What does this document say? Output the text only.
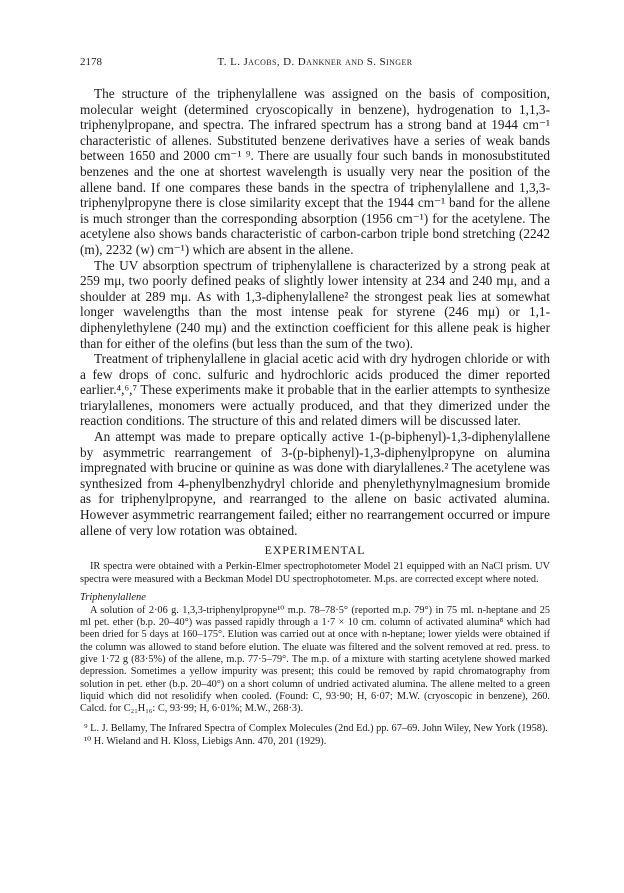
2178	T. L. Jacobs, D. Dankner and S. Singer

The structure of the triphenylallene was assigned on the basis of composition, molecular weight (determined cryoscopically in benzene), hydrogenation to 1,1,3-triphenylpropane, and spectra. The infrared spectrum has a strong band at 1944 cm⁻¹ characteristic of allenes. Substituted benzene derivatives have a series of weak bands between 1650 and 2000 cm⁻¹ ⁹. There are usually four such bands in monosubstituted benzenes and the one at shortest wavelength is usually very near the position of the allene band. If one compares these bands in the spectra of triphenylallene and 1,3,3-triphenylpropyne there is close similarity except that the 1944 cm⁻¹ band for the allene is much stronger than the corresponding absorption (1956 cm⁻¹) for the acetylene. The acetylene also shows bands characteristic of carbon-carbon triple bond stretching (2242 (m), 2232 (w) cm⁻¹) which are absent in the allene.

The UV absorption spectrum of triphenylallene is characterized by a strong peak at 259 mμ, two poorly defined peaks of slightly lower intensity at 234 and 240 mμ, and a shoulder at 289 mμ. As with 1,3-diphenylallene² the strongest peak lies at somewhat longer wavelengths than the most intense peak for styrene (246 mμ) or 1,1-diphenylethylene (240 mμ) and the extinction coefficient for this allene peak is higher than for either of the olefins (but less than the sum of the two).

Treatment of triphenylallene in glacial acetic acid with dry hydrogen chloride or with a few drops of conc. sulfuric and hydrochloric acids produced the dimer reported earlier.⁴,⁶,⁷ These experiments make it probable that in the earlier attempts to synthesize triarylallenes, monomers were actually produced, and that they dimerized under the reaction conditions. The structure of this and related dimers will be discussed later.

An attempt was made to prepare optically active 1-(p-biphenyl)-1,3-diphenylallene by asymmetric rearrangement of 3-(p-biphenyl)-1,3-diphenylpropyne on alumina impregnated with brucine or quinine as was done with diarylallenes.² The acetylene was synthesized from 4-phenylbenzhydryl chloride and phenylethynylmagnesium bromide as for triphenylpropyne, and rearranged to the allene on basic activated alumina. However asymmetric rearrangement failed; either no rearrangement occurred or impure allene of very low rotation was obtained.

EXPERIMENTAL

IR spectra were obtained with a Perkin-Elmer spectrophotometer Model 21 equipped with an NaCl prism. UV spectra were measured with a Beckman Model DU spectrophotometer. M.ps. are corrected except where noted.

Triphenylallene

A solution of 2·06 g. 1,3,3-triphenylpropyne¹⁰ m.p. 78–78·5° (reported m.p. 79°) in 75 ml. n-heptane and 25 ml pet. ether (b.p. 20–40°) was passed rapidly through a 1·7 × 10 cm. column of activated alumina⁸ which had been dried for 5 days at 160–175°. Elution was carried out at once with n-heptane; lower yields were obtained if the column was allowed to stand before elution. The eluate was filtered and the solvent removed at red. press. to give 1·72 g (83·5%) of the allene, m.p. 77·5–79°. The m.p. of a mixture with starting acetylene showed marked depression. Sometimes a yellow impurity was present; this could be removed by rapid chromatography from solution in pet. ether (b.p. 20–40°) on a short column of undried activated alumina. The allene melted to a green liquid which did not resolidify when cooled. (Found: C, 93·90; H, 6·07; M.W. (cryoscopic in benzene), 260. Calcd. for C₂₁H₁₆: C, 93·99; H, 6·01%; M.W., 268·3).

⁹ L. J. Bellamy, The Infrared Spectra of Complex Molecules (2nd Ed.) pp. 67–69. John Wiley, New York (1958).

¹⁰ H. Wieland and H. Kloss, Liebigs Ann. 470, 201 (1929).
